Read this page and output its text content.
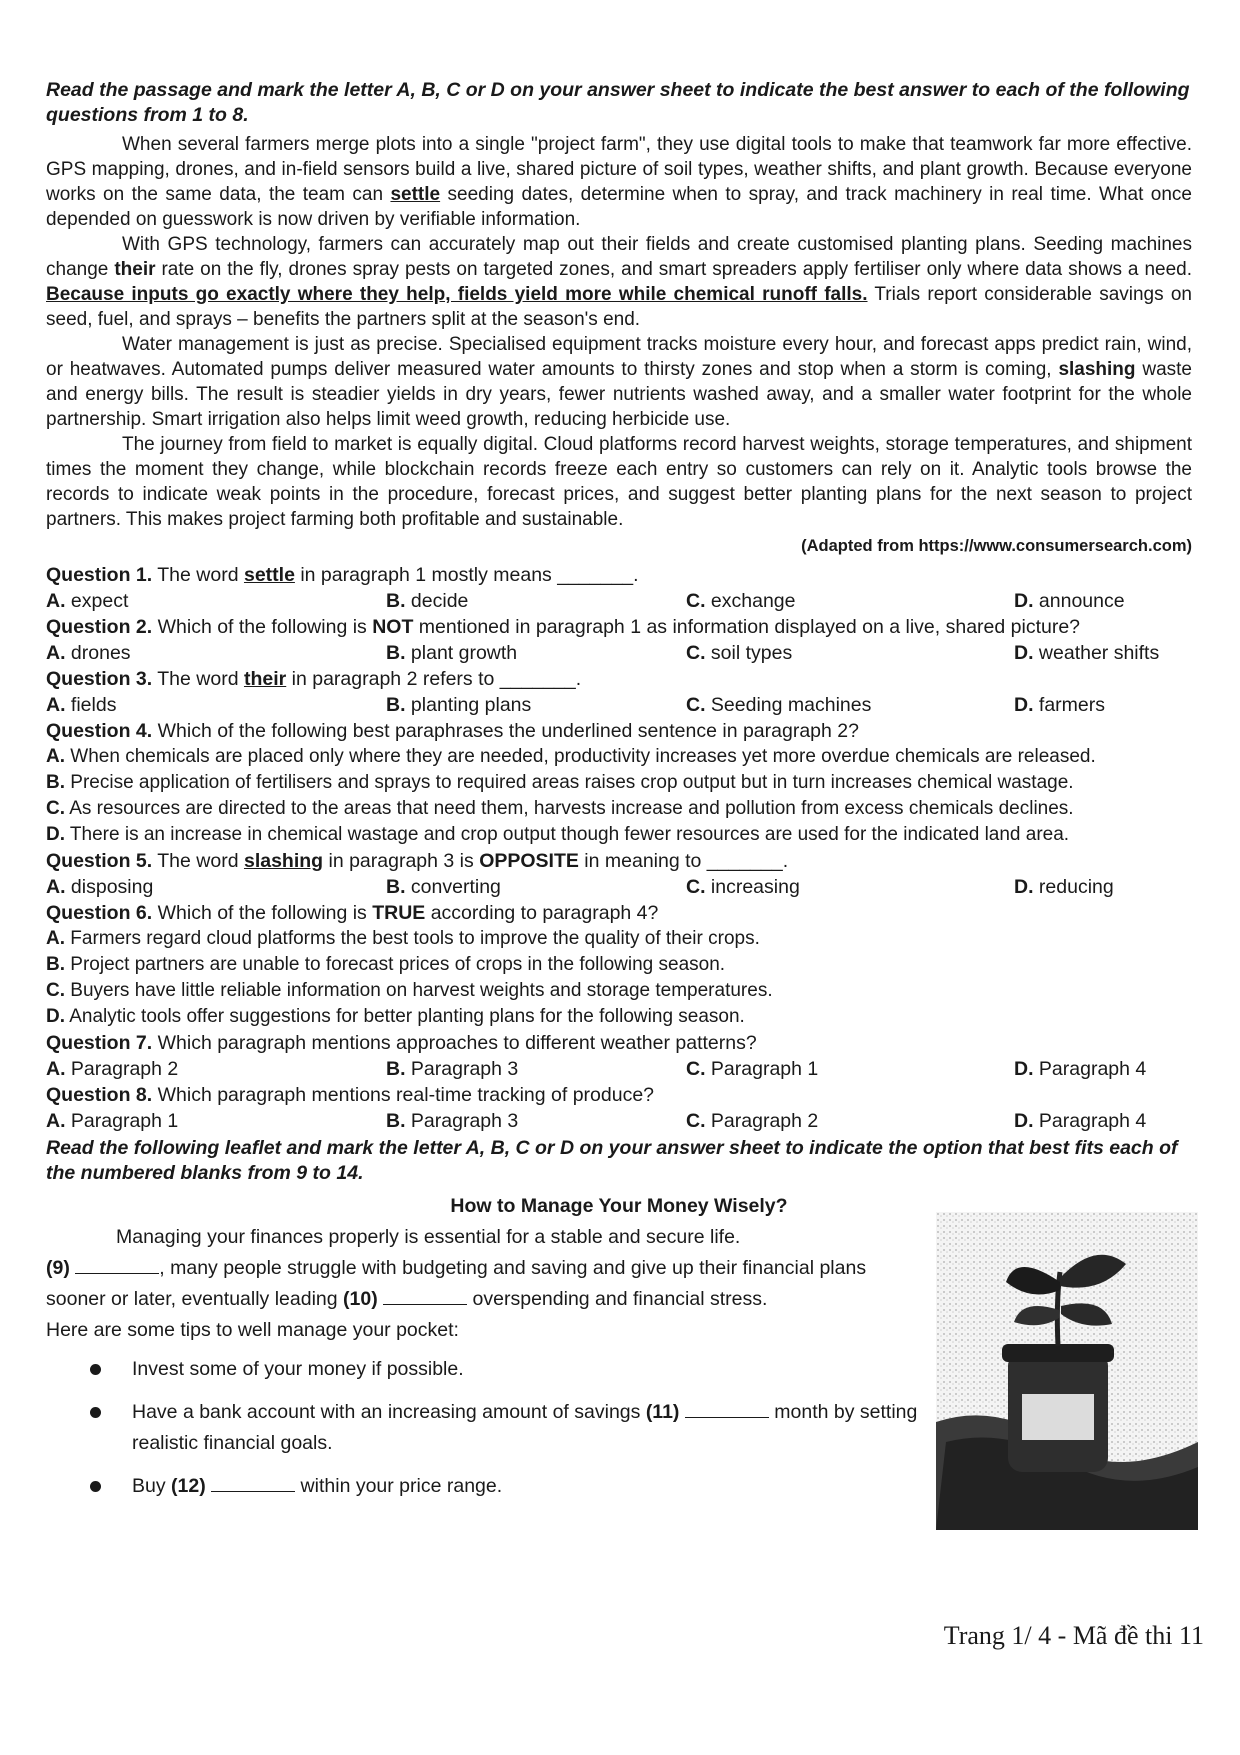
Read the passage and mark the letter A, B, C or D on your answer sheet to indicate the best answer to each of the following questions from 1 to 8.

When several farmers merge plots into a single "project farm", they use digital tools to make that teamwork far more effective. GPS mapping, drones, and in-field sensors build a live, shared picture of soil types, weather shifts, and plant growth. Because everyone works on the same data, the team can settle seeding dates, determine when to spray, and track machinery in real time. What once depended on guesswork is now driven by verifiable information.

With GPS technology, farmers can accurately map out their fields and create customised planting plans. Seeding machines change their rate on the fly, drones spray pests on targeted zones, and smart spreaders apply fertiliser only where data shows a need. Because inputs go exactly where they help, fields yield more while chemical runoff falls. Trials report considerable savings on seed, fuel, and sprays – benefits the partners split at the season's end.

Water management is just as precise. Specialised equipment tracks moisture every hour, and forecast apps predict rain, wind, or heatwaves. Automated pumps deliver measured water amounts to thirsty zones and stop when a storm is coming, slashing waste and energy bills. The result is steadier yields in dry years, fewer nutrients washed away, and a smaller water footprint for the whole partnership. Smart irrigation also helps limit weed growth, reducing herbicide use.

The journey from field to market is equally digital. Cloud platforms record harvest weights, storage temperatures, and shipment times the moment they change, while blockchain records freeze each entry so customers can rely on it. Analytic tools browse the records to indicate weak points in the procedure, forecast prices, and suggest better planting plans for the next season to project partners. This makes project farming both profitable and sustainable.

(Adapted from https://www.consumersearch.com)

Question 1. The word settle in paragraph 1 mostly means _______.

A. expect	B. decide	C. exchange	D. announce

Question 2. Which of the following is NOT mentioned in paragraph 1 as information displayed on a live, shared picture?

A. drones	B. plant growth	C. soil types	D. weather shifts

Question 3. The word their in paragraph 2 refers to _______.

A. fields	B. planting plans	C. Seeding machines	D. farmers

Question 4. Which of the following best paraphrases the underlined sentence in paragraph 2?

A. When chemicals are placed only where they are needed, productivity increases yet more overdue chemicals are released.
B. Precise application of fertilisers and sprays to required areas raises crop output but in turn increases chemical wastage.
C. As resources are directed to the areas that need them, harvests increase and pollution from excess chemicals declines.
D. There is an increase in chemical wastage and crop output though fewer resources are used for the indicated land area.

Question 5. The word slashing in paragraph 3 is OPPOSITE in meaning to _______.

A. disposing	B. converting	C. increasing	D. reducing

Question 6. Which of the following is TRUE according to paragraph 4?

A. Farmers regard cloud platforms the best tools to improve the quality of their crops.
B. Project partners are unable to forecast prices of crops in the following season.
C. Buyers have little reliable information on harvest weights and storage temperatures.
D. Analytic tools offer suggestions for better planting plans for the following season.

Question 7. Which paragraph mentions approaches to different weather patterns?

A. Paragraph 2	B. Paragraph 3	C. Paragraph 1	D. Paragraph 4

Question 8. Which paragraph mentions real-time tracking of produce?

A. Paragraph 1	B. Paragraph 3	C. Paragraph 2	D. Paragraph 4

Read the following leaflet and mark the letter A, B, C or D on your answer sheet to indicate the option that best fits each of the numbered blanks from 9 to 14.

How to Manage Your Money Wisely?

Managing your finances properly is essential for a stable and secure life.

(9)	, many people struggle with budgeting and saving and give up their financial plans sooner or later, eventually leading (10)	overspending and financial stress.

Here are some tips to well manage your pocket:

Invest some of your money if possible.
Have a bank account with an increasing amount of savings (11)	month by setting realistic financial goals.
Buy (12)	within your price range.
Trang 1/ 4 - Mã đề thi 11
